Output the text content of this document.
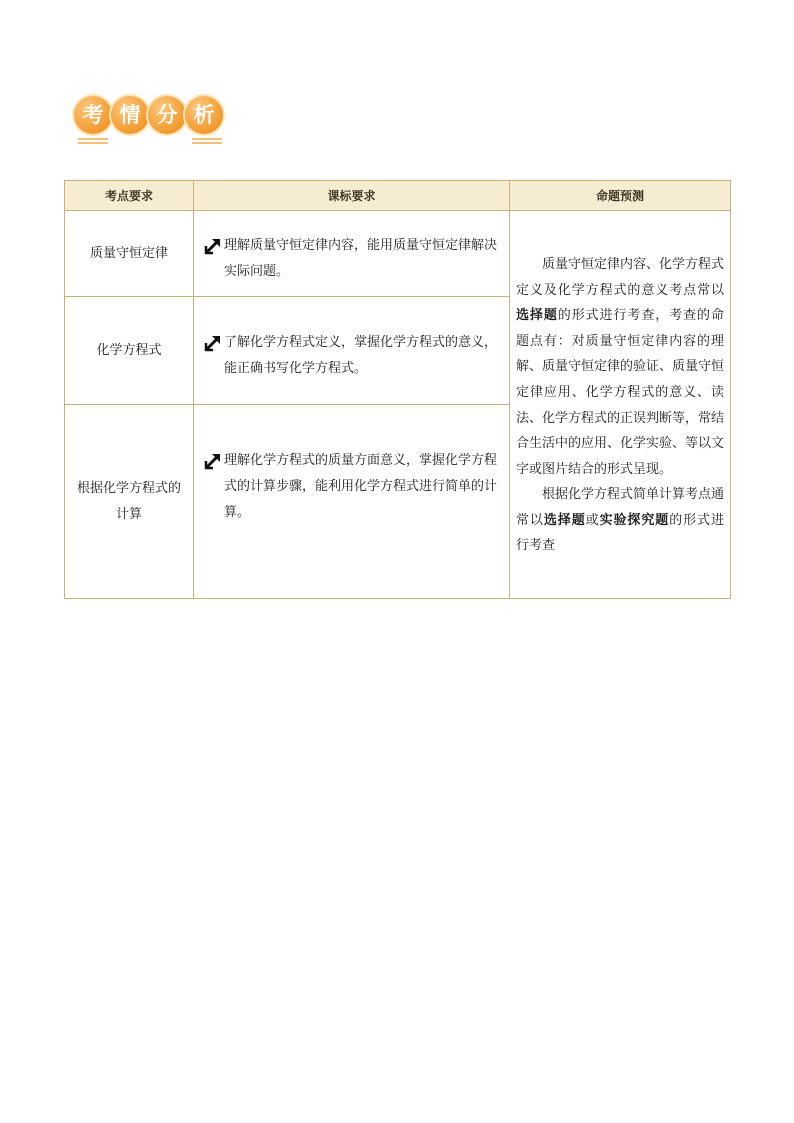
考 情 分 析
考点要求	课标要求	命题预测
质量守恒定律	理解质量守恒定律内容，能用质量守恒定律解决实际问题。	质量守恒定律内容、化学方程式定义及化学方程式的意义考点常以选择题的形式进行考查，考查的命题点有：对质量守恒定律内容的理解、质量守恒定律的验证、质量守恒定律应用、化学方程式的意义、读法、化学方程式的正误判断等，常结合生活中的应用、化学实验、等以文字或图片结合的形式呈现。

根据化学方程式简单计算考点通常以选择题或实验探究题的形式进行考查

化学方程式	了解化学方程式定义，掌握化学方程式的意义，能正确书写化学方程式。	

根据化学方程式的计算	理解化学方程式的质量方面意义，掌握化学方程式的计算步骤，能利用化学方程式进行简单的计算。	
